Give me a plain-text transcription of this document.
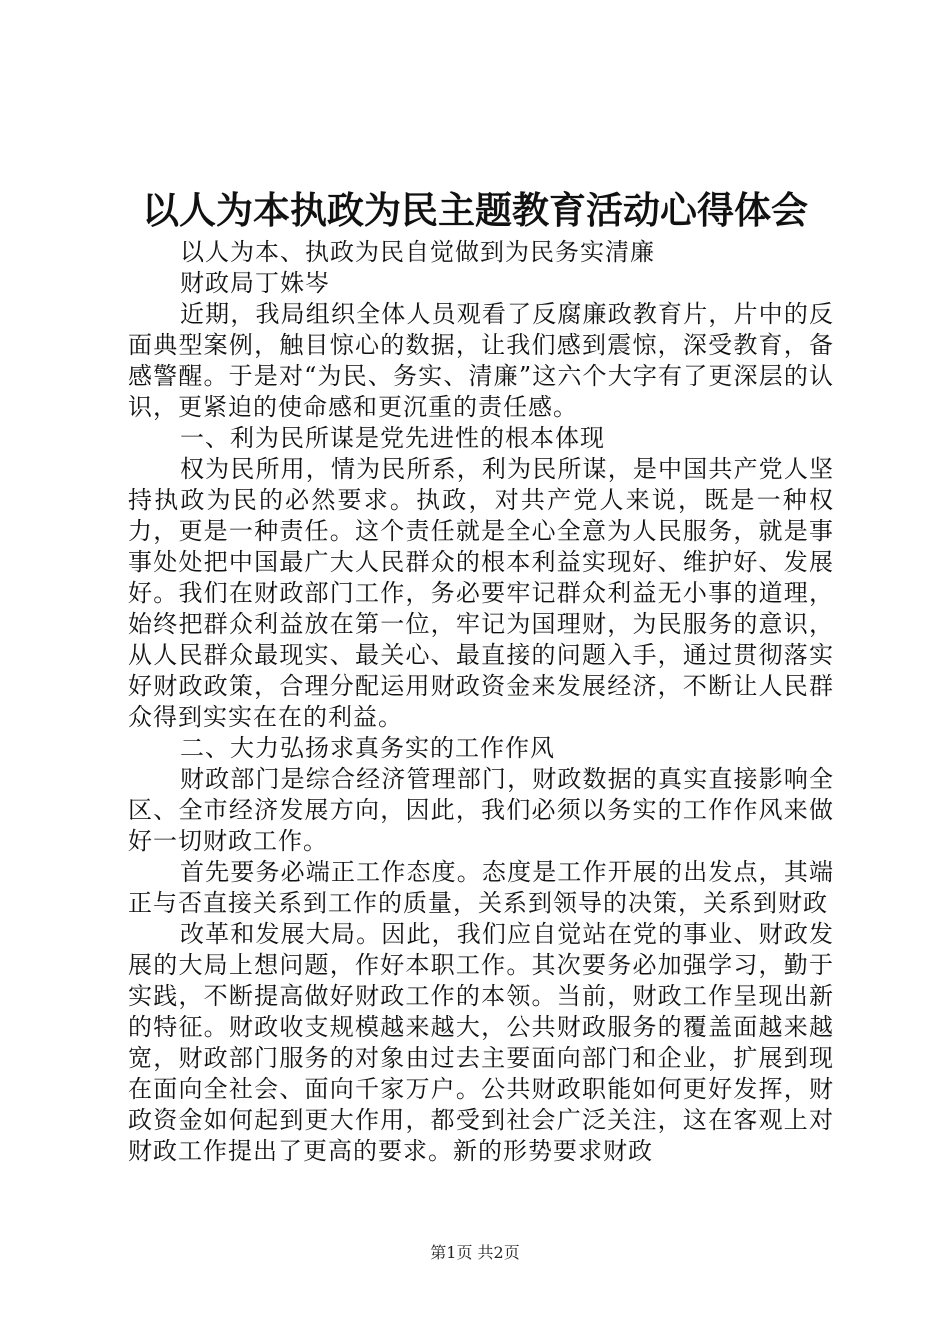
以人为本执政为民主题教育活动心得体会

以人为本、执政为民自觉做到为民务实清廉

财政局丁姝岑

近期，我局组织全体人员观看了反腐廉政教育片，片中的反面典型案例，触目惊心的数据，让我们感到震惊，深受教育，备感警醒。于是对“为民、务实、清廉”这六个大字有了更深层的认识，更紧迫的使命感和更沉重的责任感。

一、利为民所谋是党先进性的根本体现

权为民所用，情为民所系，利为民所谋，是中国共产党人坚持执政为民的必然要求。执政，对共产党人来说，既是一种权力，更是一种责任。这个责任就是全心全意为人民服务，就是事事处处把中国最广大人民群众的根本利益实现好、维护好、发展好。我们在财政部门工作，务必要牢记群众利益无小事的道理，始终把群众利益放在第一位，牢记为国理财，为民服务的意识，从人民群众最现实、最关心、最直接的问题入手，通过贯彻落实好财政政策，合理分配运用财政资金来发展经济，不断让人民群众得到实实在在的利益。

二、大力弘扬求真务实的工作作风

财政部门是综合经济管理部门，财政数据的真实直接影响全区、全市经济发展方向，因此，我们必须以务实的工作作风来做好一切财政工作。

首先要务必端正工作态度。态度是工作开展的出发点，其端正与否直接关系到工作的质量，关系到领导的决策，关系到财政

改革和发展大局。因此，我们应自觉站在党的事业、财政发展的大局上想问题，作好本职工作。其次要务必加强学习，勤于实践，不断提高做好财政工作的本领。当前，财政工作呈现出新的特征。财政收支规模越来越大，公共财政服务的覆盖面越来越宽，财政部门服务的对象由过去主要面向部门和企业，扩展到现在面向全社会、面向千家万户。公共财政职能如何更好发挥，财政资金如何起到更大作用，都受到社会广泛关注，这在客观上对财政工作提出了更高的要求。新的形势要求财政

第1页 共2页
